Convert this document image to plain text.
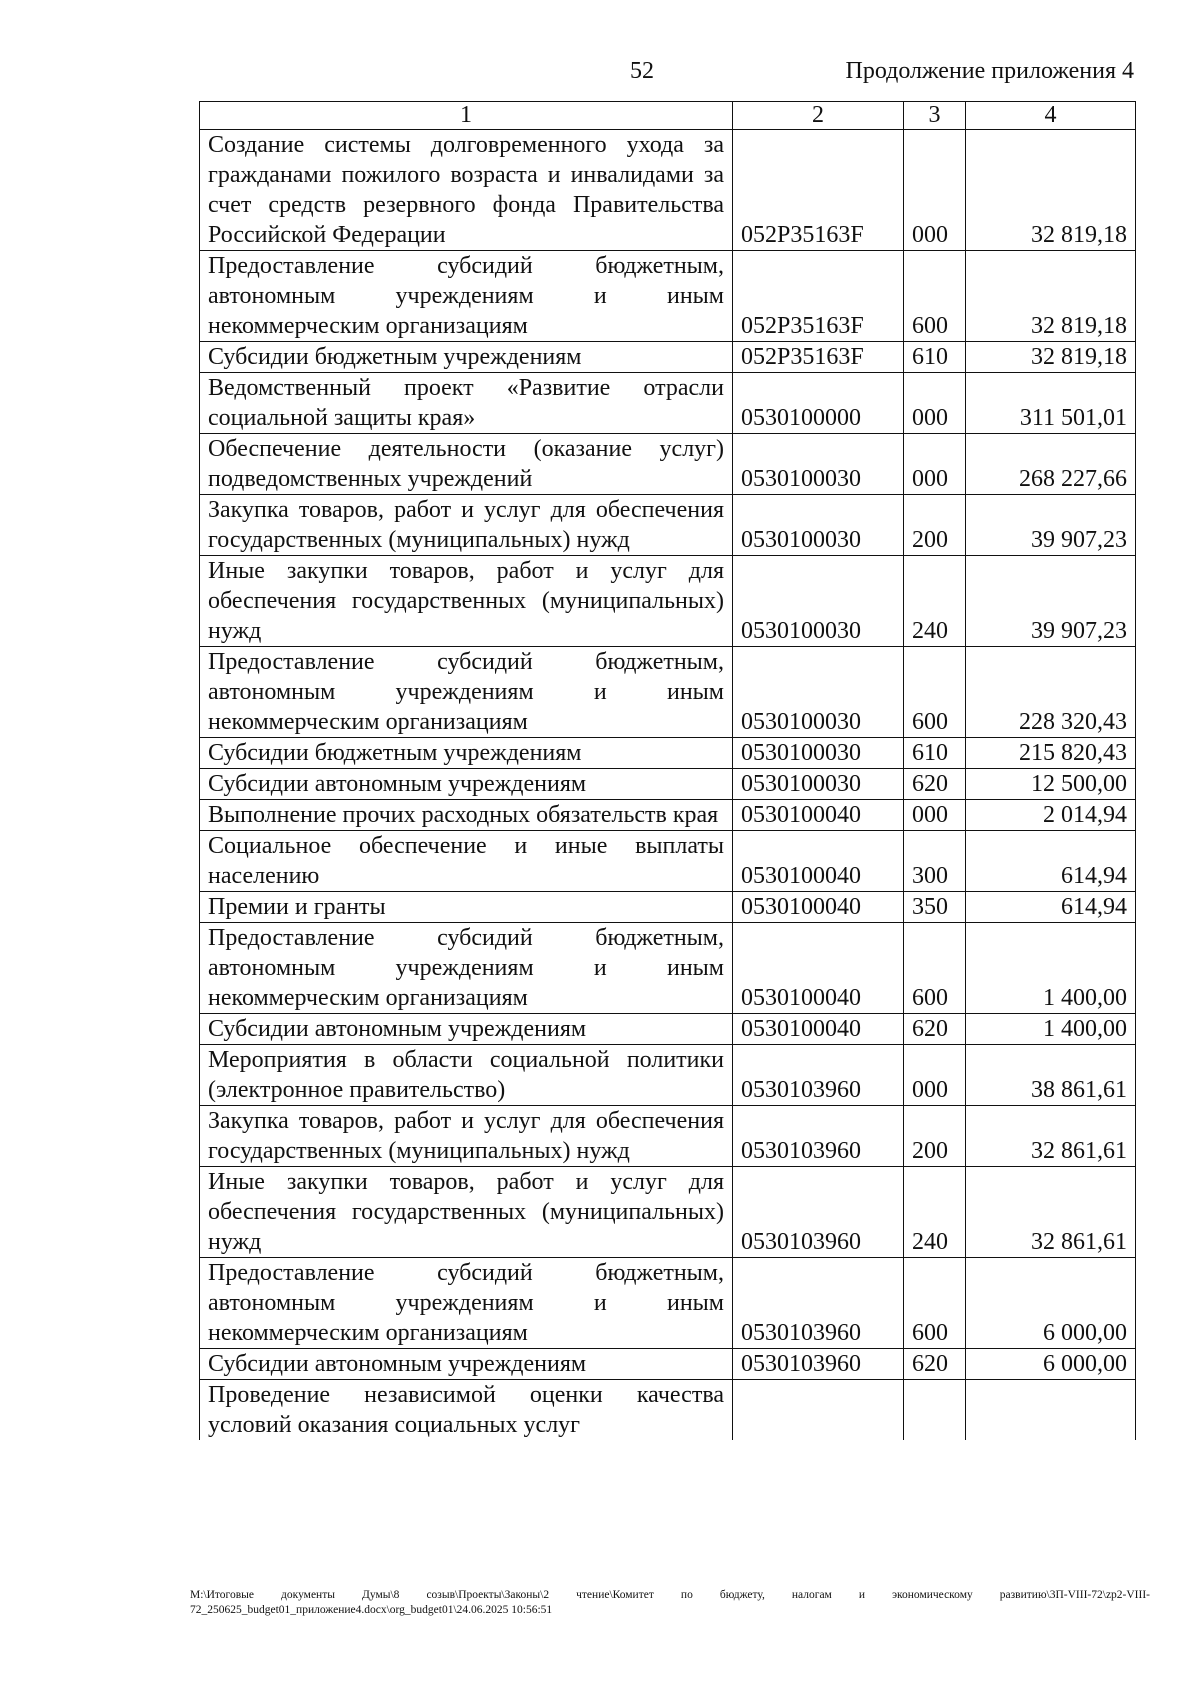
52	Продолжение приложения 4
1	2	3	4
Создание системы долговременного ухода за гражданами пожилого возраста и инвалидами за счет средств резервного фонда Правительства Российской Федерации	052P35163F	000	32 819,18
Предоставление субсидий бюджетным, автономным учреждениям и иным некоммерческим организациям	052P35163F	600	32 819,18
Субсидии бюджетным учреждениям	052P35163F	610	32 819,18
Ведомственный проект «Развитие отрасли социальной защиты края»	0530100000	000	311 501,01
Обеспечение деятельности (оказание услуг) подведомственных учреждений	0530100030	000	268 227,66
Закупка товаров, работ и услуг для обеспечения государственных (муниципальных) нужд	0530100030	200	39 907,23
Иные закупки товаров, работ и услуг для обеспечения государственных (муниципальных) нужд	0530100030	240	39 907,23
Предоставление субсидий бюджетным, автономным учреждениям и иным некоммерческим организациям	0530100030	600	228 320,43
Субсидии бюджетным учреждениям	0530100030	610	215 820,43
Субсидии автономным учреждениям	0530100030	620	12 500,00
Выполнение прочих расходных обязательств края	0530100040	000	2 014,94
Социальное обеспечение и иные выплаты населению	0530100040	300	614,94
Премии и гранты	0530100040	350	614,94
Предоставление субсидий бюджетным, автономным учреждениям и иным некоммерческим организациям	0530100040	600	1 400,00
Субсидии автономным учреждениям	0530100040	620	1 400,00
Мероприятия в области социальной политики (электронное правительство)	0530103960	000	38 861,61
Закупка товаров, работ и услуг для обеспечения государственных (муниципальных) нужд	0530103960	200	32 861,61
Иные закупки товаров, работ и услуг для обеспечения государственных (муниципальных) нужд	0530103960	240	32 861,61
Предоставление субсидий бюджетным, автономным учреждениям и иным некоммерческим организациям	0530103960	600	6 000,00
Субсидии автономным учреждениям	0530103960	620	6 000,00
Проведение независимой оценки качества условий оказания социальных услуг			
M:\Итоговые документы Думы\8 созыв\Проекты\Законы\2 чтение\Комитет по бюджету, налогам и экономическому развитию\3П-VIII-72\zp2-VIII-72_250625_budget01_приложение4.docx\org_budget01\24.06.2025 10:56:51
